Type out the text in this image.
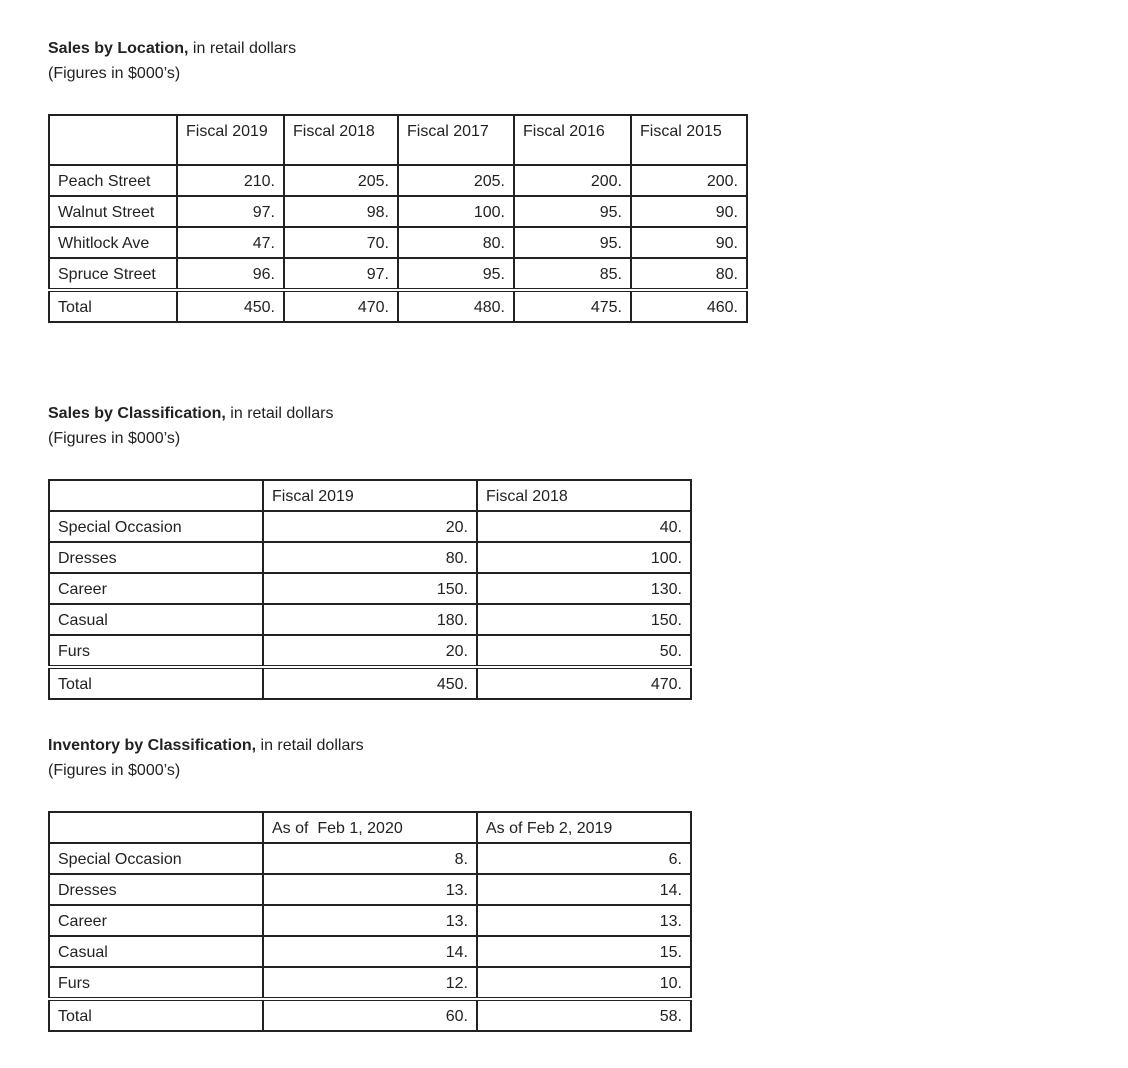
Sales by Location, in retail dollars
(Figures in $000’s)
	Fiscal 2019	Fiscal 2018	Fiscal 2017	Fiscal 2016	Fiscal 2015
Peach Street	210.	205.	205.	200.	200.
Walnut Street	97.	98.	100.	95.	90.
Whitlock Ave	47.	70.	80.	95.	90.
Spruce Street	96.	97.	95.	85.	80.
Total	450.	470.	480.	475.	460.
Sales by Classification, in retail dollars
(Figures in $000’s)
	Fiscal 2019	Fiscal 2018
Special Occasion	20.	40.
Dresses	80.	100.
Career	150.	130.
Casual	180.	150.
Furs	20.	50.
Total	450.	470.
Inventory by Classification, in retail dollars
(Figures in $000’s)
	As of  Feb 1, 2020	As of Feb 2, 2019
Special Occasion	8.	6.
Dresses	13.	14.
Career	13.	13.
Casual	14.	15.
Furs	12.	10.
Total	60.	58.
